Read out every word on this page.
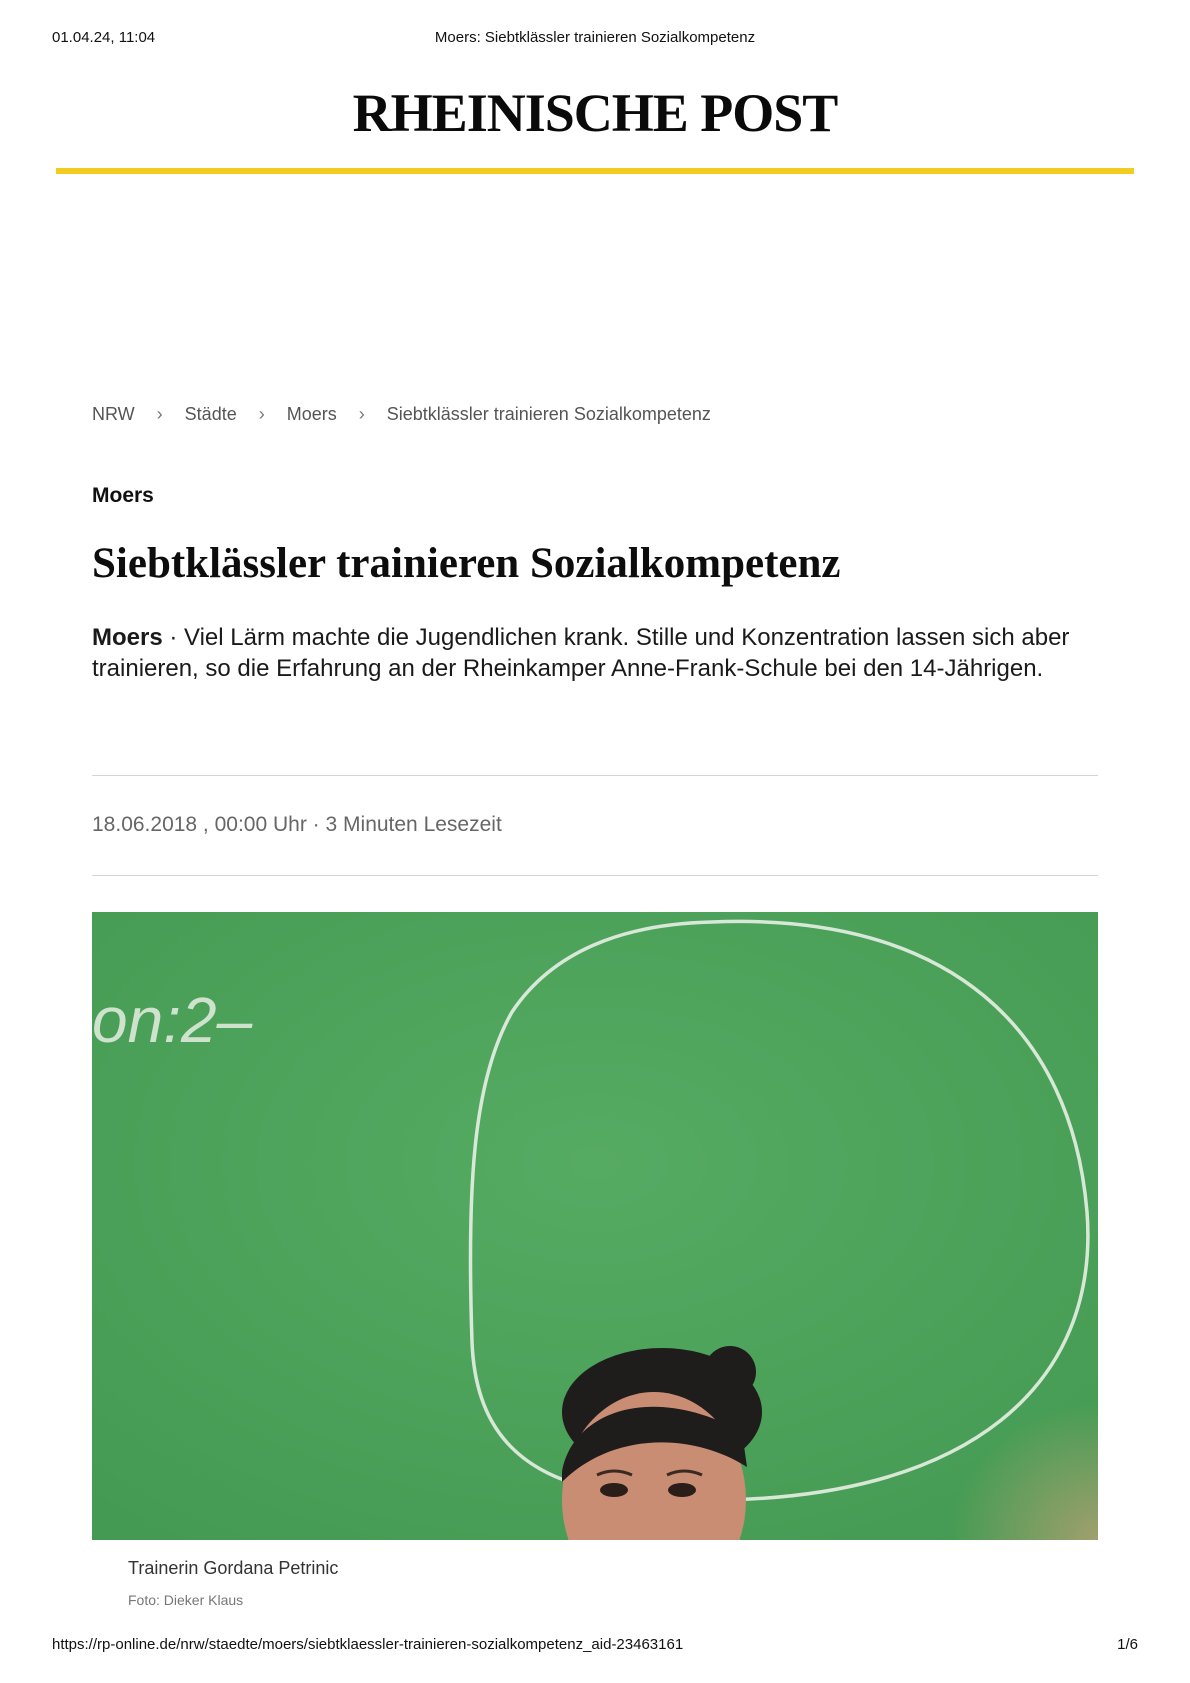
01.04.24, 11:04	Moers: Siebtklässler trainieren Sozialkompetenz
RHEINISCHE POST
NRW › Städte › Moers › Siebtklässler trainieren Sozialkompetenz
Moers
Siebtklässler trainieren Sozialkompetenz

Moers · Viel Lärm machte die Jugendlichen krank. Stille und Konzentration lassen sich aber trainieren, so die Erfahrung an der Rheinkamper Anne-Frank-Schule bei den 14-Jährigen.

18.06.2018 , 00:00 Uhr · 3 Minuten Lesezeit
on:2–
Trainerin Gordana Petrinic
Foto: Dieker Klaus
https://rp-online.de/nrw/staedte/moers/siebtklaessler-trainieren-sozialkompetenz_aid-23463161	1/6
